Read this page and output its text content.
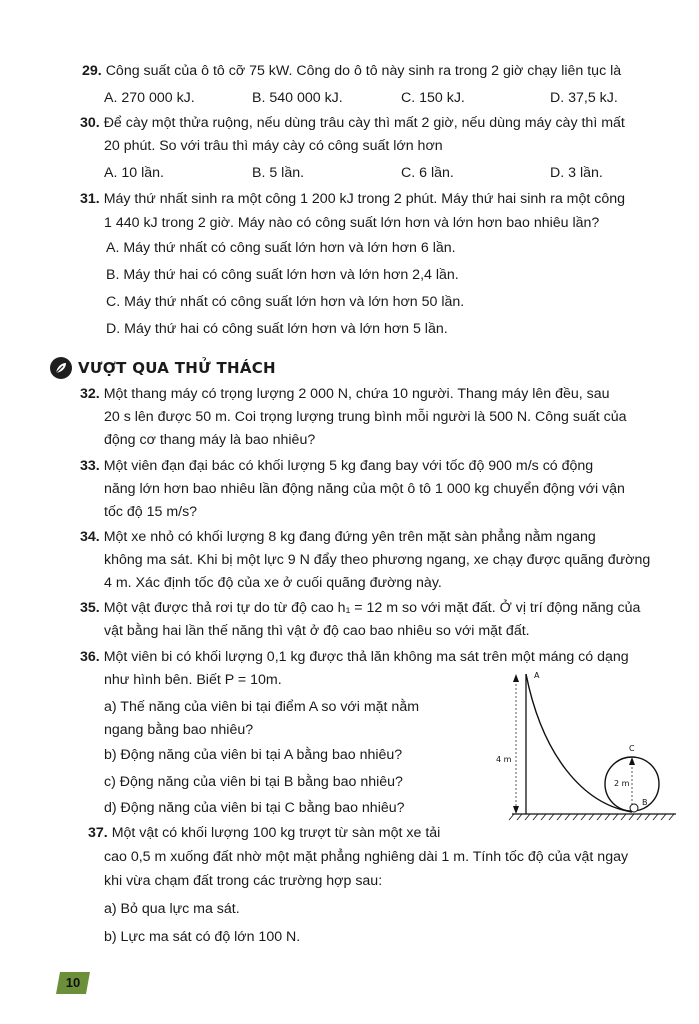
29. Công suất của ô tô cỡ 75 kW. Công do ô tô này sinh ra trong 2 giờ chạy liên tục là
A. 270 000 kJ.	B. 540 000 kJ.	C. 150 kJ.	D. 37,5 kJ.
30. Để cày một thửa ruộng, nếu dùng trâu cày thì mất 2 giờ, nếu dùng máy cày thì mất
20 phút. So với trâu thì máy cày có công suất lớn hơn
A. 10 lần.	B. 5 lần.	C. 6 lần.	D. 3 lần.
31. Máy thứ nhất sinh ra một công 1 200 kJ trong 2 phút. Máy thứ hai sinh ra một công
1 440 kJ trong 2 giờ. Máy nào có công suất lớn hơn và lớn hơn bao nhiêu lần?
A. Máy thứ nhất có công suất lớn hơn và lớn hơn 6 lần.
B. Máy thứ hai có công suất lớn hơn và lớn hơn 2,4 lần.
C. Máy thứ nhất có công suất lớn hơn và lớn hơn 50 lần.
D. Máy thứ hai có công suất lớn hơn và lớn hơn 5 lần.
VƯỢT QUA THỬ THÁCH
32. Một thang máy có trọng lượng 2 000 N, chứa 10 người. Thang máy lên đều, sau
20 s lên được 50 m. Coi trọng lượng trung bình mỗi người là 500 N. Công suất của
động cơ thang máy là bao nhiêu?
33. Một viên đạn đại bác có khối lượng 5 kg đang bay với tốc độ 900 m/s có động
năng lớn hơn bao nhiêu lần động năng của một ô tô 1 000 kg chuyển động với vận
tốc độ 15 m/s?
34. Một xe nhỏ có khối lượng 8 kg đang đứng yên trên mặt sàn phẳng nằm ngang
không ma sát. Khi bị một lực 9 N đẩy theo phương ngang, xe chạy được quãng đường
4 m. Xác định tốc độ của xe ở cuối quãng đường này.
35. Một vật được thả rơi tự do từ độ cao h₁ = 12 m so với mặt đất. Ở vị trí động năng của
vật bằng hai lần thế năng thì vật ở độ cao bao nhiêu so với mặt đất.
36. Một viên bi có khối lượng 0,1 kg được thả lăn không ma sát trên một máng có dạng
như hình bên. Biết P = 10m.
a) Thế năng của viên bi tại điểm A so với mặt nằm
ngang bằng bao nhiêu?
b) Động năng của viên bi tại A bằng bao nhiêu?
c) Động năng của viên bi tại B bằng bao nhiêu?
d) Động năng của viên bi tại C bằng bao nhiêu?
4 m
2 m
A
B
C
37. Một vật có khối lượng 100 kg trượt từ sàn một xe tải
cao 0,5 m xuống đất nhờ một mặt phẳng nghiêng dài 1 m. Tính tốc độ của vật ngay
khi vừa chạm đất trong các trường hợp sau:
a) Bỏ qua lực ma sát.
b) Lực ma sát có độ lớn 100 N.
10
